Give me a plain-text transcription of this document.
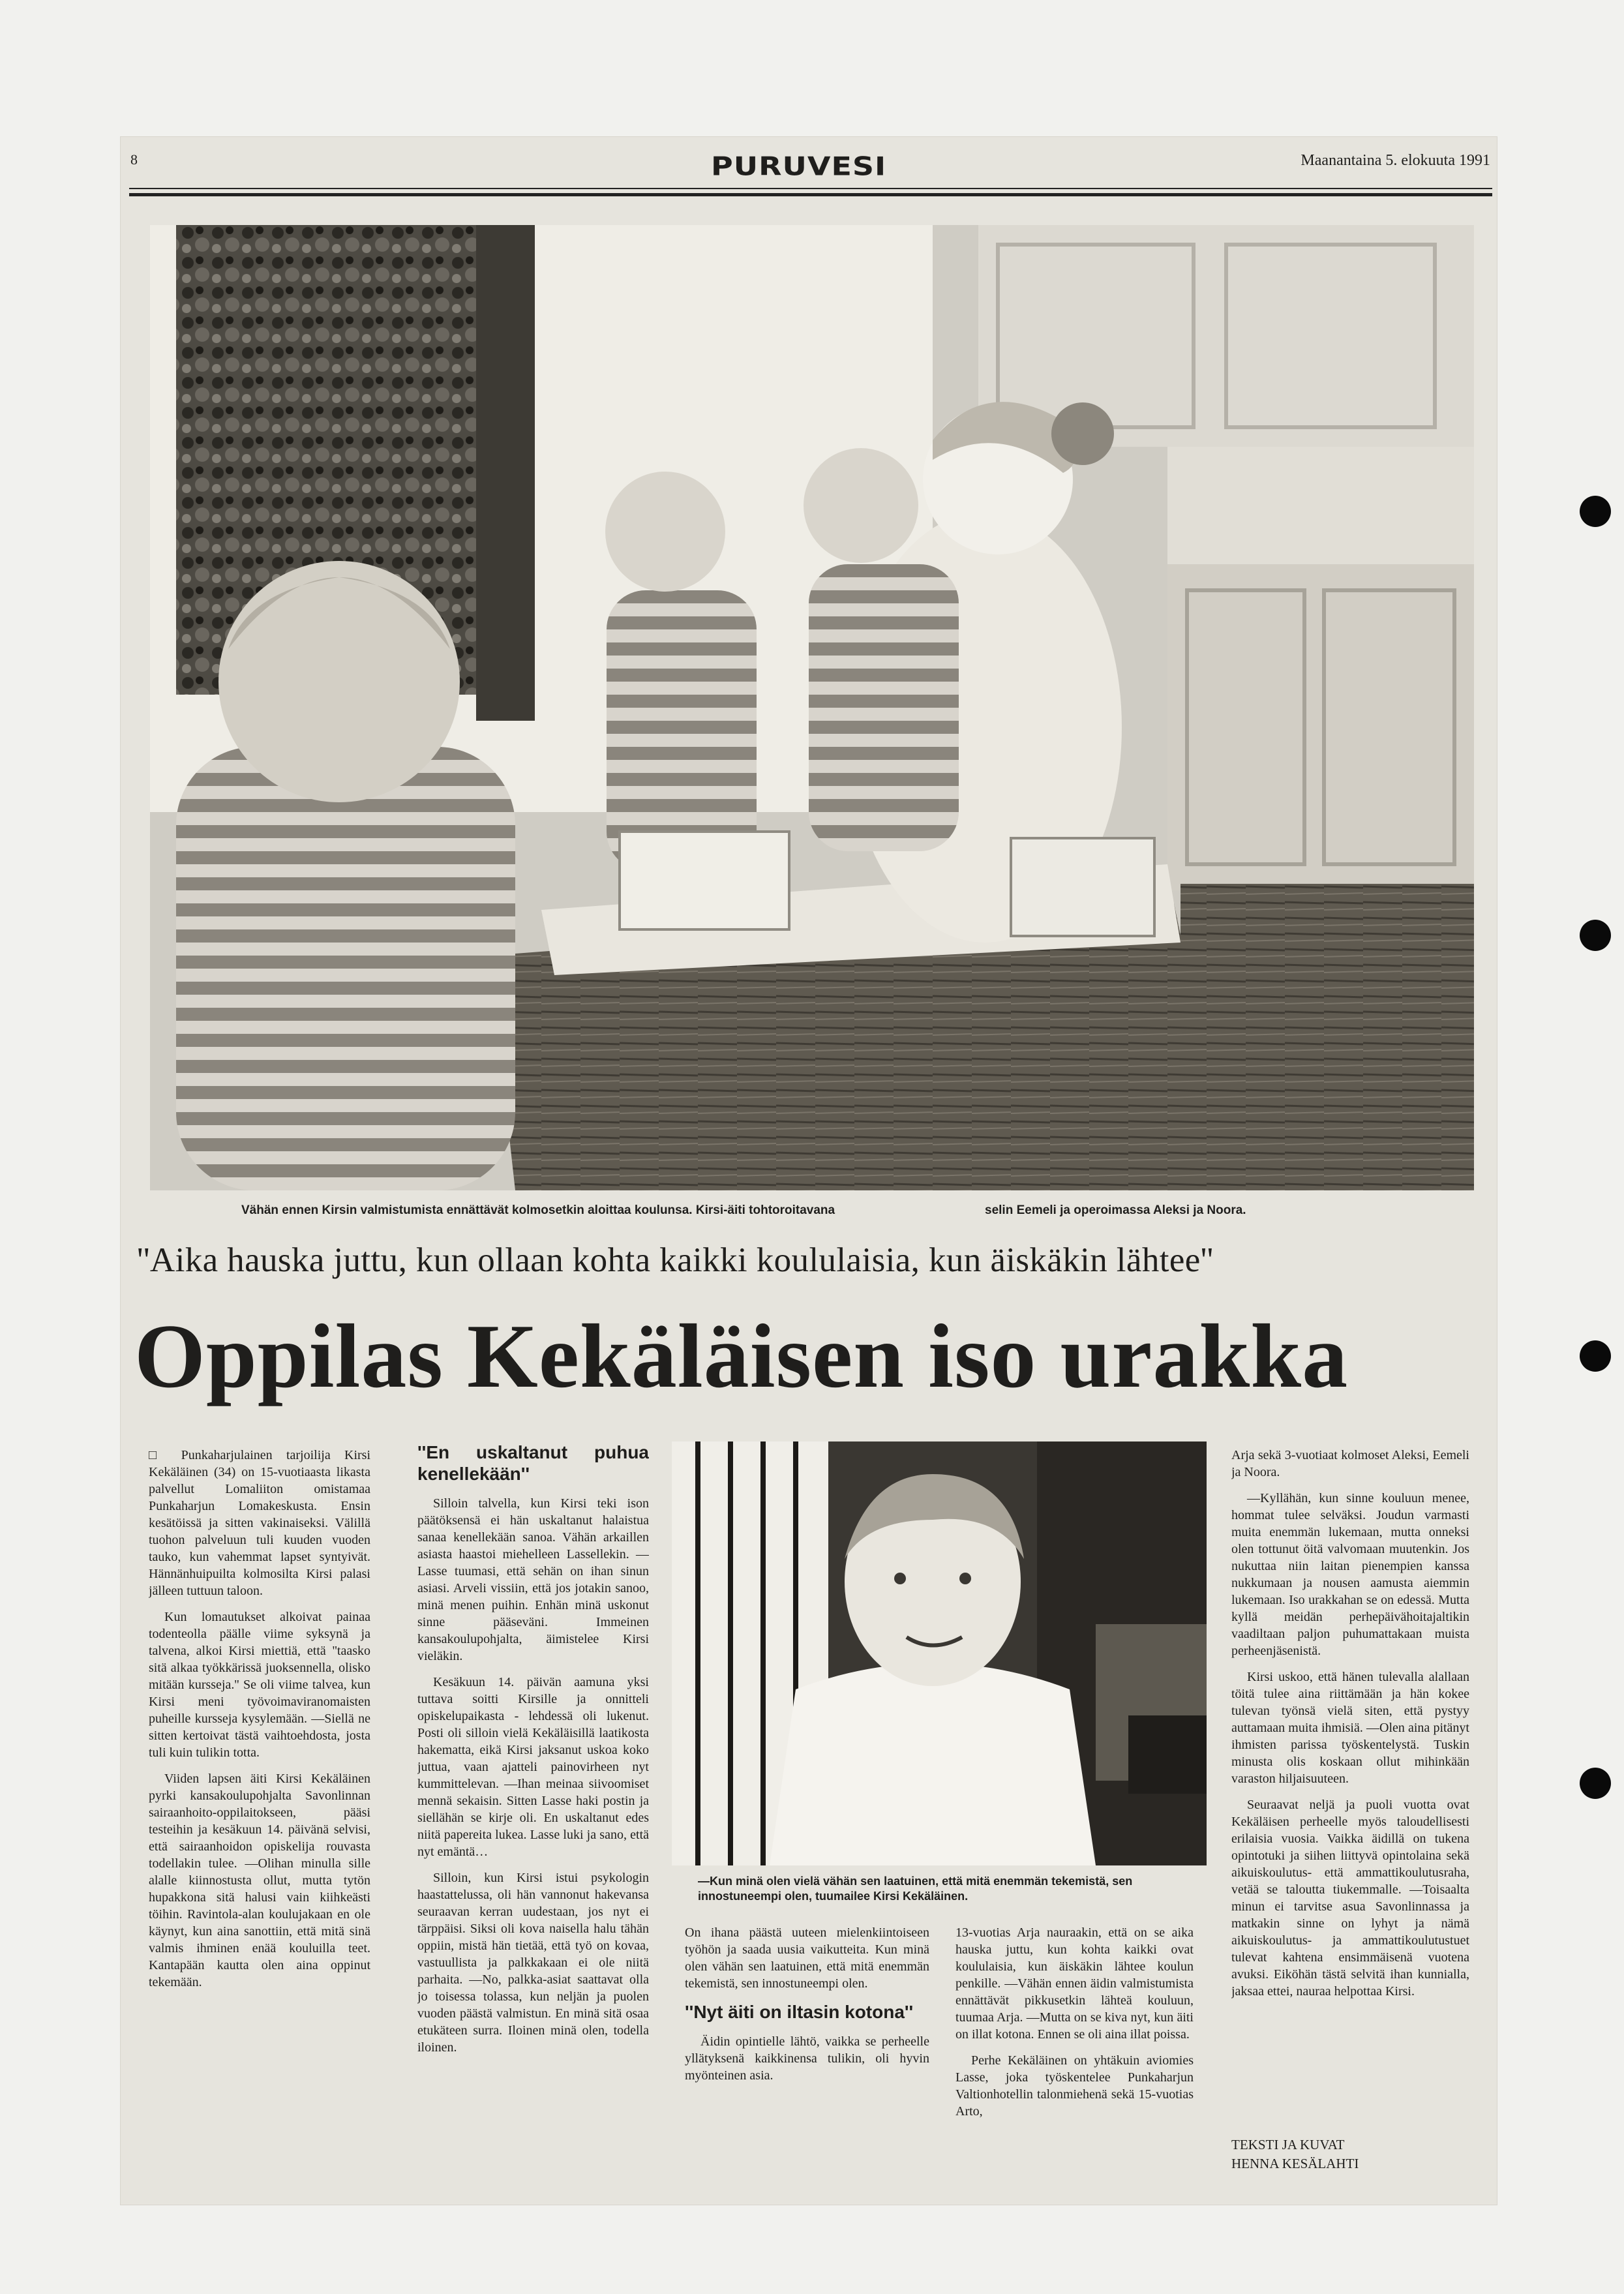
8	PURUVESI	Maanantaina 5. elokuuta 1991
Vähän ennen Kirsin valmistumista ennättävät kolmosetkin aloittaa koulunsa. Kirsi-äiti tohtoroitavana	selin Eemeli ja operoimassa Aleksi ja Noora.
''Aika hauska juttu, kun ollaan kohta kaikki koululaisia, kun äiskäkin lähtee''
Oppilas Kekäläisen iso urakka

□ Punkaharjulainen tarjoilija Kirsi Kekäläinen (34) on 15-vuotiaasta likasta palvellut Lomaliiton omistamaa Punkaharjun Lomakeskusta. Ensin kesätöissä ja sitten vakinaiseksi. Välillä tuohon palveluun tuli kuuden vuoden tauko, kun vahemmat lapset syntyivät. Hännänhuipuilta kolmosilta Kirsi palasi jälleen tuttuun taloon.

Kun lomautukset alkoivat painaa todenteolla päälle viime syksynä ja talvena, alkoi Kirsi miettiä, että ''taasko sitä alkaa työkkärissä juoksennella, olisko mitään kursseja.'' Se oli viime talvea, kun Kirsi meni työvoimaviranomaisten puheille kursseja kysylemään. —Siellä ne sitten kertoivat tästä vaihtoehdosta, josta tuli kuin tulikin totta.

Viiden lapsen äiti Kirsi Kekäläinen pyrki kansakoulupohjalta Savonlinnan sairaanhoito-oppilaitokseen, pääsi testeihin ja kesäkuun 14. päivänä selvisi, että sairaanhoidon opiskelija rouvasta todellakin tulee. —Olihan minulla sille alalle kiinnostusta ollut, mutta tytön hupakkona sitä halusi vain kiihkeästi töihin. Ravintola-alan koulujakaan en ole käynyt, kun aina sanottiin, että mitä sinä valmis ihminen enää kouluilla teet. Kantapään kautta olen aina oppinut tekemään.

''En uskaltanut puhua kenellekään''

Silloin talvella, kun Kirsi teki ison päätöksensä ei hän uskaltanut halaistua sanaa kenellekään sanoa. Vähän arkaillen asiasta haastoi miehelleen Lassellekin. —Lasse tuumasi, että sehän on ihan sinun asiasi. Arveli vissiin, että jos jotakin sanoo, minä menen puihin. Enhän minä uskonut sinne pääseväni. Immeinen kansakoulupohjalta, äimistelee Kirsi vieläkin.

Kesäkuun 14. päivän aamuna yksi tuttava soitti Kirsille ja onnitteli opiskelupaikasta - lehdessä oli lukenut. Posti oli silloin vielä Kekäläisillä laatikosta hakematta, eikä Kirsi jaksanut uskoa koko juttua, vaan ajatteli painovirheen nyt kummittelevan. —Ihan meinaa siivoomiset mennä sekaisin. Sitten Lasse haki postin ja siellähän se kirje oli. En uskaltanut edes niitä papereita lukea. Lasse luki ja sano, että nyt emäntä…

Silloin, kun Kirsi istui psykologin haastattelussa, oli hän vannonut hakevansa seuraavan kerran uudestaan, jos nyt ei tärppäisi. Siksi oli kova naisella halu tähän oppiin, mistä hän tietää, että työ on kovaa, vastuullista ja palkkakaan ei ole niitä parhaita. —No, palkka-asiat saattavat olla jo toisessa tolassa, kun neljän ja puolen vuoden päästä valmistun. En minä sitä osaa etukäteen surra. Iloinen minä olen, todella iloinen.

—Kun minä olen vielä vähän sen laatuinen, että mitä enemmän tekemistä, sen innostuneempi olen, tuumailee Kirsi Kekäläinen.

On ihana päästä uuteen mielenkiintoiseen työhön ja saada uusia vaikutteita. Kun minä olen vähän sen laatuinen, että mitä enemmän tekemistä, sen innostuneempi olen.

''Nyt äiti on iltasin kotona''

Äidin opintielle lähtö, vaikka se perheelle yllätyksenä kaikkinensa tulikin, oli hyvin myönteinen asia.

13-vuotias Arja nauraakin, että on se aika hauska juttu, kun kohta kaikki ovat koululaisia, kun äiskäkin lähtee koulun penkille. —Vähän ennen äidin valmistumista ennättävät pikkusetkin lähteä kouluun, tuumaa Arja. —Mutta on se kiva nyt, kun äiti on illat kotona. Ennen se oli aina illat poissa.

Perhe Kekäläinen on yhtäkuin aviomies Lasse, joka työskentelee Punkaharjun Valtionhotellin talonmiehenä sekä 15-vuotias Arto,

Arja sekä 3-vuotiaat kolmoset Aleksi, Eemeli ja Noora.

—Kyllähän, kun sinne kouluun menee, hommat tulee selväksi. Joudun varmasti muita enemmän lukemaan, mutta onneksi olen tottunut öitä valvomaan muutenkin. Jos nukuttaa niin laitan pienempien kanssa nukkumaan ja nousen aamusta aiemmin lukemaan. Iso urakkahan se on edessä. Mutta kyllä meidän perhepäivähoitajaltikin vaadiltaan paljon puhumattakaan muista perheenjäsenistä.

Kirsi uskoo, että hänen tulevalla alallaan töitä tulee aina riittämään ja hän kokee tulevan työnsä vielä siten, että pystyy auttamaan muita ihmisiä. —Olen aina pitänyt ihmisten parissa työskentelystä. Tuskin minusta olis koskaan ollut mihinkään varaston hiljaisuuteen.

Seuraavat neljä ja puoli vuotta ovat Kekäläisen perheelle myös taloudellisesti erilaisia vuosia. Vaikka äidillä on tukena opintotuki ja siihen liittyvä opintolaina sekä aikuiskoulutus- että ammattikoulutusraha, vetää se taloutta tiukemmalle. —Toisaalta minun ei tarvitse asua Savonlinnassa ja matkakin sinne on lyhyt ja nämä aikuiskoulutus- ja ammattikoulutustuet tulevat kahtena ensimmäisenä vuotena avuksi. Eiköhän tästä selvitä ihan kunnialla, jaksaa ettei, nauraa helpottaa Kirsi.

TEKSTI JA KUVAT
HENNA KESÄLAHTI
